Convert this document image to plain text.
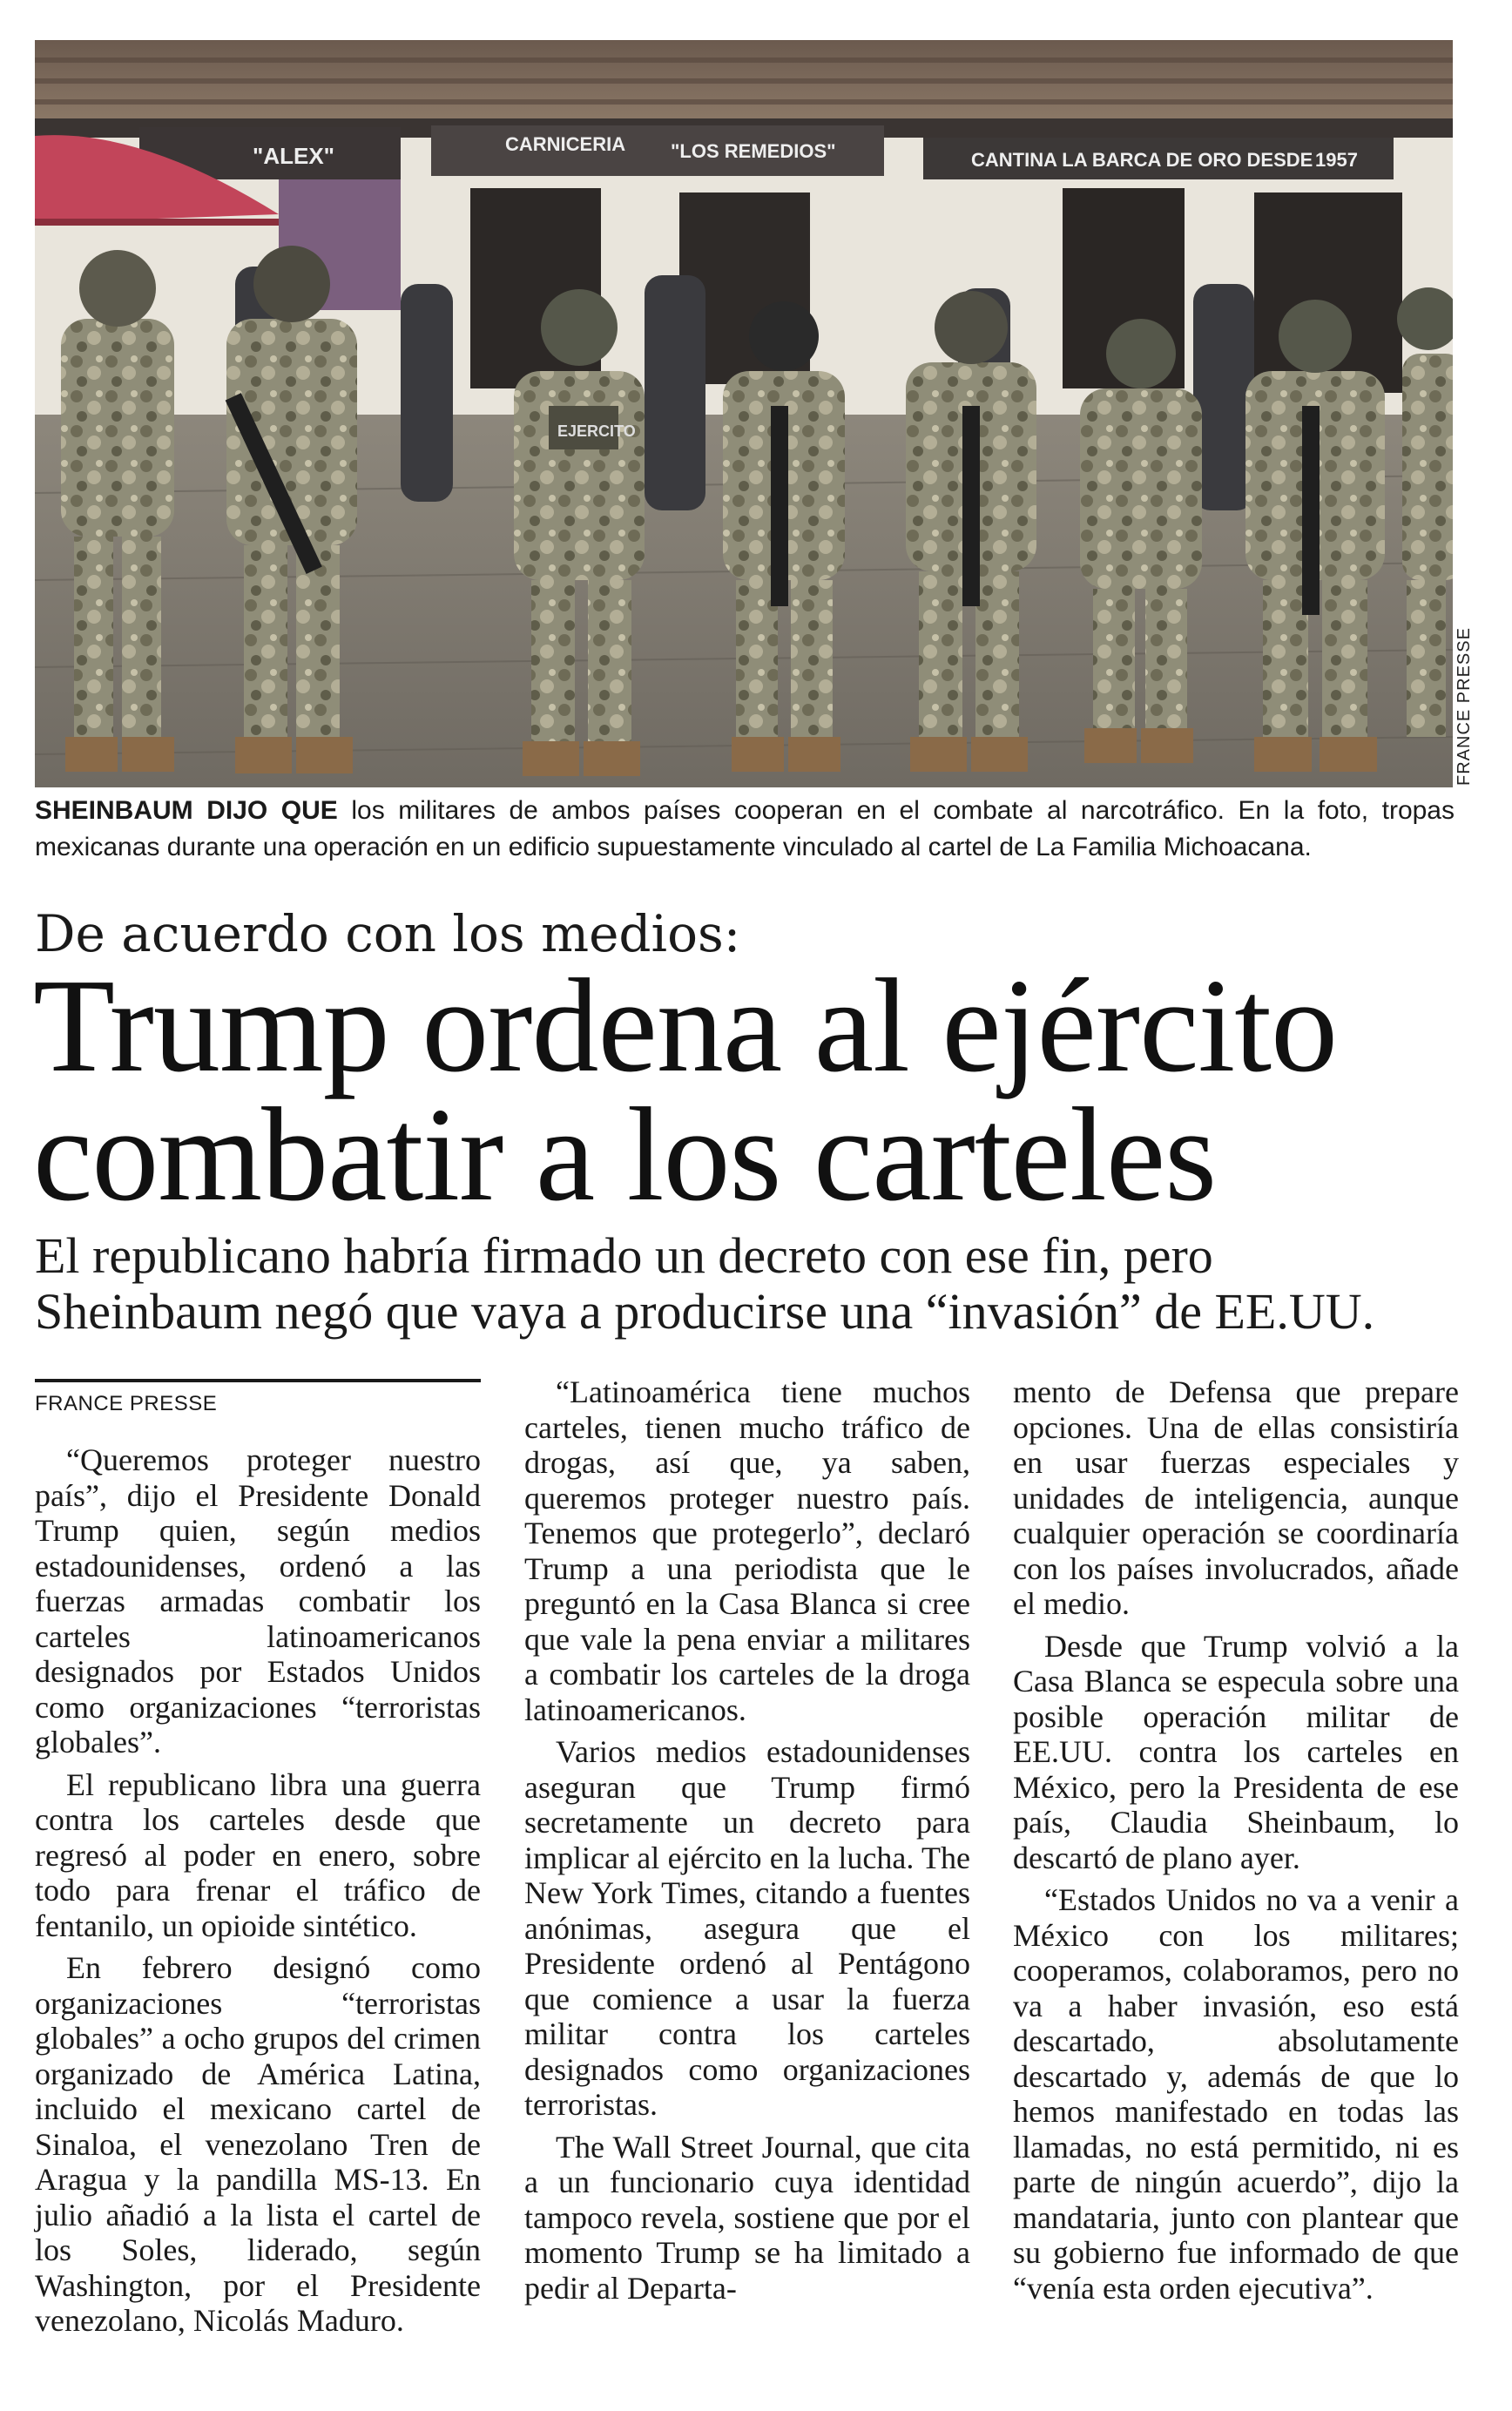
"ALEX"	CARNICERIA "LOS REMEDIOS"	CANTINA LA BARCA DE ORO DESDE 1957
EJERCITO
FRANCE PRESSE
SHEINBAUM DIJO QUE los militares de ambos países cooperan en el combate al narcotráfico. En la foto, tropas mexicanas durante una operación en un edificio supuestamente vinculado al cartel de La Familia Michoacana.
De acuerdo con los medios:
Trump ordena al ejército
combatir a los carteles
El republicano habría firmado un decreto con ese fin, pero
Sheinbaum negó que vaya a producirse una “invasión” de EE.UU.
FRANCE PRESSE

“Queremos proteger nuestro país”, dijo el Presidente Donald Trump quien, según medios estadounidenses, ordenó a las fuerzas armadas combatir los carteles latinoamericanos designados por Estados Unidos como organizaciones “terroristas globales”.

El republicano libra una guerra contra los carteles desde que regresó al poder en enero, sobre todo para frenar el tráfico de fentanilo, un opioide sintético.

En febrero designó como organizaciones “terroristas globales” a ocho grupos del crimen organizado de América Latina, incluido el mexicano cartel de Sinaloa, el venezolano Tren de Aragua y la pandilla MS-13. En julio añadió a la lista el cartel de los Soles, liderado, según Washington, por el Presidente venezolano, Nicolás Maduro.

“Latinoamérica tiene muchos carteles, tienen mucho tráfico de drogas, así que, ya saben, queremos proteger nuestro país. Tenemos que protegerlo”, declaró Trump a una periodista que le preguntó en la Casa Blanca si cree que vale la pena enviar a militares a combatir los carteles de la droga latinoamericanos.

Varios medios estadounidenses aseguran que Trump firmó secretamente un decreto para implicar al ejército en la lucha. The New York Times, citando a fuentes anónimas, asegura que el Presidente ordenó al Pentágono que comience a usar la fuerza militar contra los carteles designados como organizaciones terroristas.

The Wall Street Journal, que cita a un funcionario cuya identidad tampoco revela, sostiene que por el momento Trump se ha limitado a pedir al Departa-

mento de Defensa que prepare opciones. Una de ellas consistiría en usar fuerzas especiales y unidades de inteligencia, aunque cualquier operación se coordinaría con los países involucrados, añade el medio.

Desde que Trump volvió a la Casa Blanca se especula sobre una posible operación militar de EE.UU. contra los carteles en México, pero la Presidenta de ese país, Claudia Sheinbaum, lo descartó de plano ayer.

“Estados Unidos no va a venir a México con los militares; cooperamos, colaboramos, pero no va a haber invasión, eso está descartado, absolutamente descartado y, además de que lo hemos manifestado en todas las llamadas, no está permitido, ni es parte de ningún acuerdo”, dijo la mandataria, junto con plantear que su gobierno fue informado de que “venía esta orden ejecutiva”.
